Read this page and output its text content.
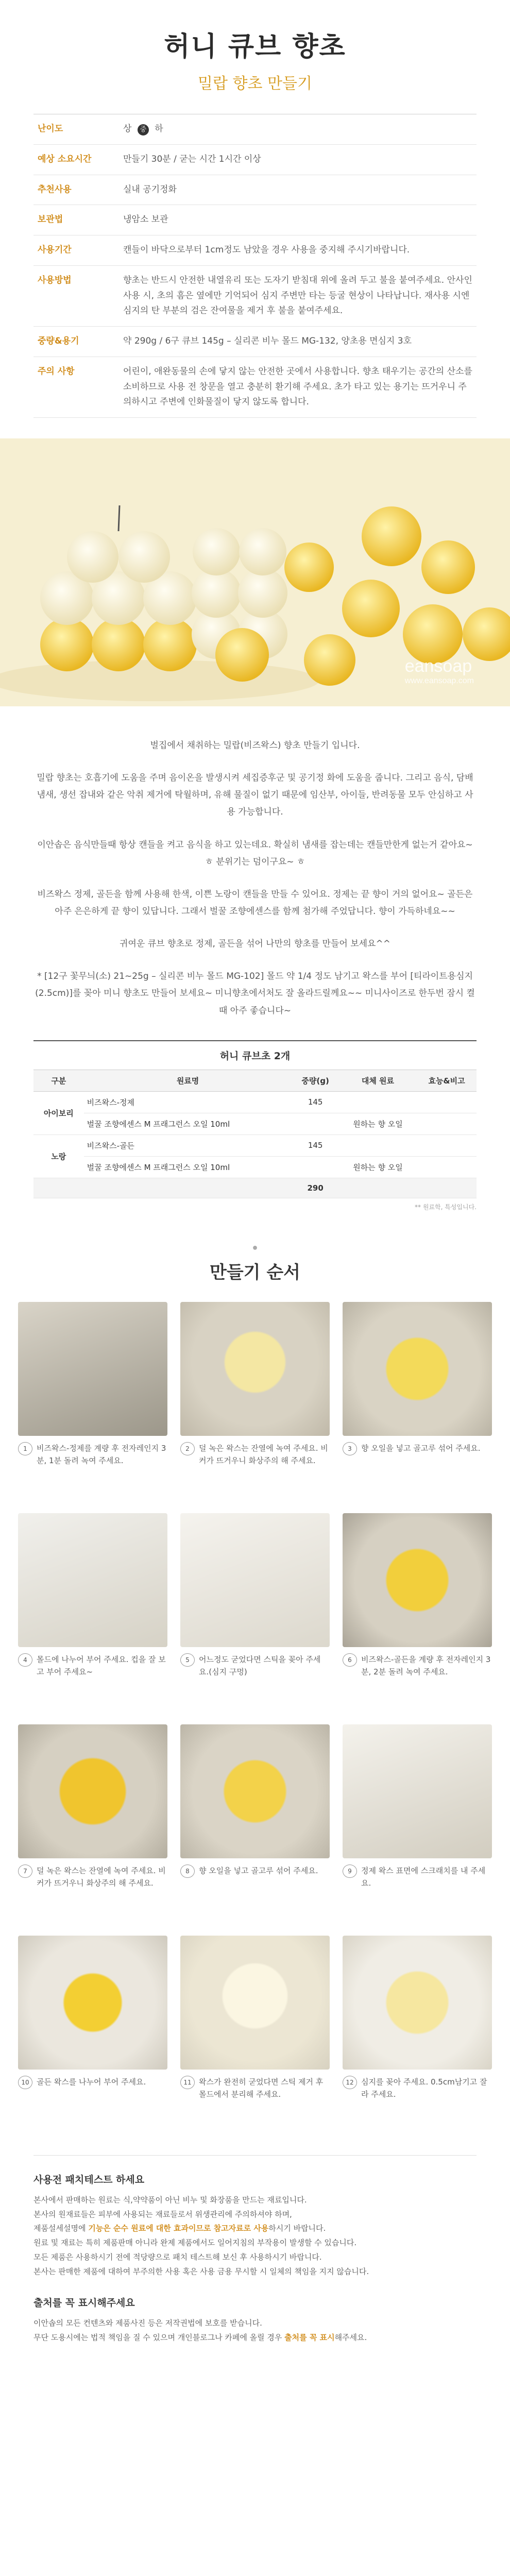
허니 큐브 향초
밀랍 향초 만들기
난이도	상 중 하
예상 소요시간	만들기 30분 / 굳는 시간 1시간 이상
추천사용	실내 공기정화
보관법	냉암소 보관
사용기간	캔들이 바닥으로부터 1cm정도 남았을 경우 사용을 중지해 주시기바랍니다.
사용방법	향초는 반드시 안전한 내열유리 또는 도자기 받침대 위에 올려 두고 불을 붙여주세요. 안사인 사용 시, 초의 흠은 옆에만 기억되어 심지 주변만 타는 등굴 현상이 나타납니다. 재사용 시엔 심지의 탄 부분의 검은 잔여물을 제거 후 불을 붙여주세요.
중량&용기	약 290g / 6구 큐브 145g – 실리콘 비누 몰드 MG-132, 양초용 면심지 3호
주의 사항	어린이, 애완동물의 손에 닿지 않는 안전한 곳에서 사용합니다. 향초 태우기는 공간의 산소를 소비하므로 사용 전 창문을 열고 충분히 환기해 주세요. 초가 타고 있는 용기는 뜨거우니 주의하시고 주변에 인화물질이 닿지 않도록 합니다.
eansoap
www.eansoap.com

벌집에서 채취하는 밀랍(비즈왁스) 향초 만들기 입니다.

밀랍 향초는 호흡기에 도움을 주며 음이온을 발생시켜 세집증후군 및 공기정 화에 도움을 줍니다. 그리고 음식, 담배 냄새, 생선 잡내와 같은 악취 제거에 탁월하며, 유해 물질이 없기 때문에 임산부, 아이들, 반려동물 모두 안심하고 사용 가능합니다.

이안솝은 음식만들때 항상 캔들을 켜고 음식을 하고 있는데요. 확실히 냄새를 잡는데는 캔들만한게 없는거 같아요~ ㅎ 분위기는 덤이구요~ ㅎ

비즈왁스 정제, 골든을 함께 사용해 한색, 이쁜 노랑이 캔들을 만들 수 있어요. 정제는 끝 향이 거의 없어요~ 골든은 아주 은은하게 끝 향이 있답니다. 그래서 벌꿀 조향에센스를 함께 첨가해 주었답니다. 향이 가득하네요~~

귀여운 큐브 향초로 정제, 골든을 섞어 나만의 향초를 만들어 보세요^^

* [12구 꽃무늬(소) 21~25g – 실리콘 비누 몰드 MG-102] 몰드 약 1/4 정도 남기고 왁스를 부어 [티라이트용심지 (2.5cm)]를 꽂아 미니 향초도 만들어 보세요~ 미니향초에서처도 잘 올라드릴께요~~ 미니사이즈로 한두번 잠시 켤때 아주 좋습니다~

허니 큐브초 2개
구분	원료명	중량(g)	대체 원료	효능&비고
아이보리	비즈왁스-정제	145		
	벌꿀 조향에센스 M 프래그런스 오일 10ml		원하는 향 오일	
노랑	비즈왁스-골든	145		
	벌꿀 조향에센스 M 프래그런스 오일 10ml		원하는 향 오일	
		290		
** 원료학, 특성입니다.
•
만들기 순서
1	비즈왁스-정제를 계량 후 전자레인지 3분, 1분 돌려 녹여 주세요.
2	덜 녹은 왁스는 잔열에 녹여 주세요. 비커가 뜨거우니 화상주의 해 주세요.
3	향 오일을 넣고 골고루 섞어 주세요.
4	몰드에 나누어 부어 주세요. 컵을 잘 보고 부어 주세요~
5	어느정도 굳었다면 스틱을 꽂아 주세요.(심지 구멍)
6	비즈왁스-골든을 계량 후 전자레인지 3분, 2분 돌려 녹여 주세요.
7	덜 녹은 왁스는 잔열에 녹여 주세요. 비커가 뜨거우니 화상주의 해 주세요.
8	향 오일을 넣고 골고루 섞어 주세요.	9	정제 왁스 표면에 스크래치를 내 주세요.
10 골든 왁스를 나누어 부어 주세요.	11 왁스가 완전히 굳었다면 스틱 제거 후 몰드에서 분리해 주세요.
12 심지를 꽂아 주세요. 0.5cm남기고 잘라 주세요.
사용전 패치테스트 하세요

본사에서 판매하는 원료는 식,약약품이 아닌 비누 및 화장품을 만드는 재료입니다.

본사의 원재료들은 피부에 사용되는 재료들로서 위생관리에 주의하셔야 하며,

제품설세설명에 기능은 순수 원료에 대한 효과이므로 참고자료로 사용하시기 바랍니다.

원료 및 재료는 특히 제품판매 아니라 완제 제품에서도 일어지침의 부작용이 발생할 수 있습니다.

모든 제품은 사용하시기 전에 적당량으로 패치 테스트해 보신 후 사용하시기 바랍니다.

본사는 판매한 제품에 대하여 부주의한 사용 혹은 사용 금용 무시할 시 일체의 책임을 지지 않습니다.

출처를 꼭 표시해주세요

이안솝의 모든 컨텐츠와 제품사진 등은 저작권법에 보호를 받습니다.

무단 도용시에는 법적 책임을 질 수 있으며 개인블로그나 카페에 올릴 경우 출처를 꼭 표시해주세요.
